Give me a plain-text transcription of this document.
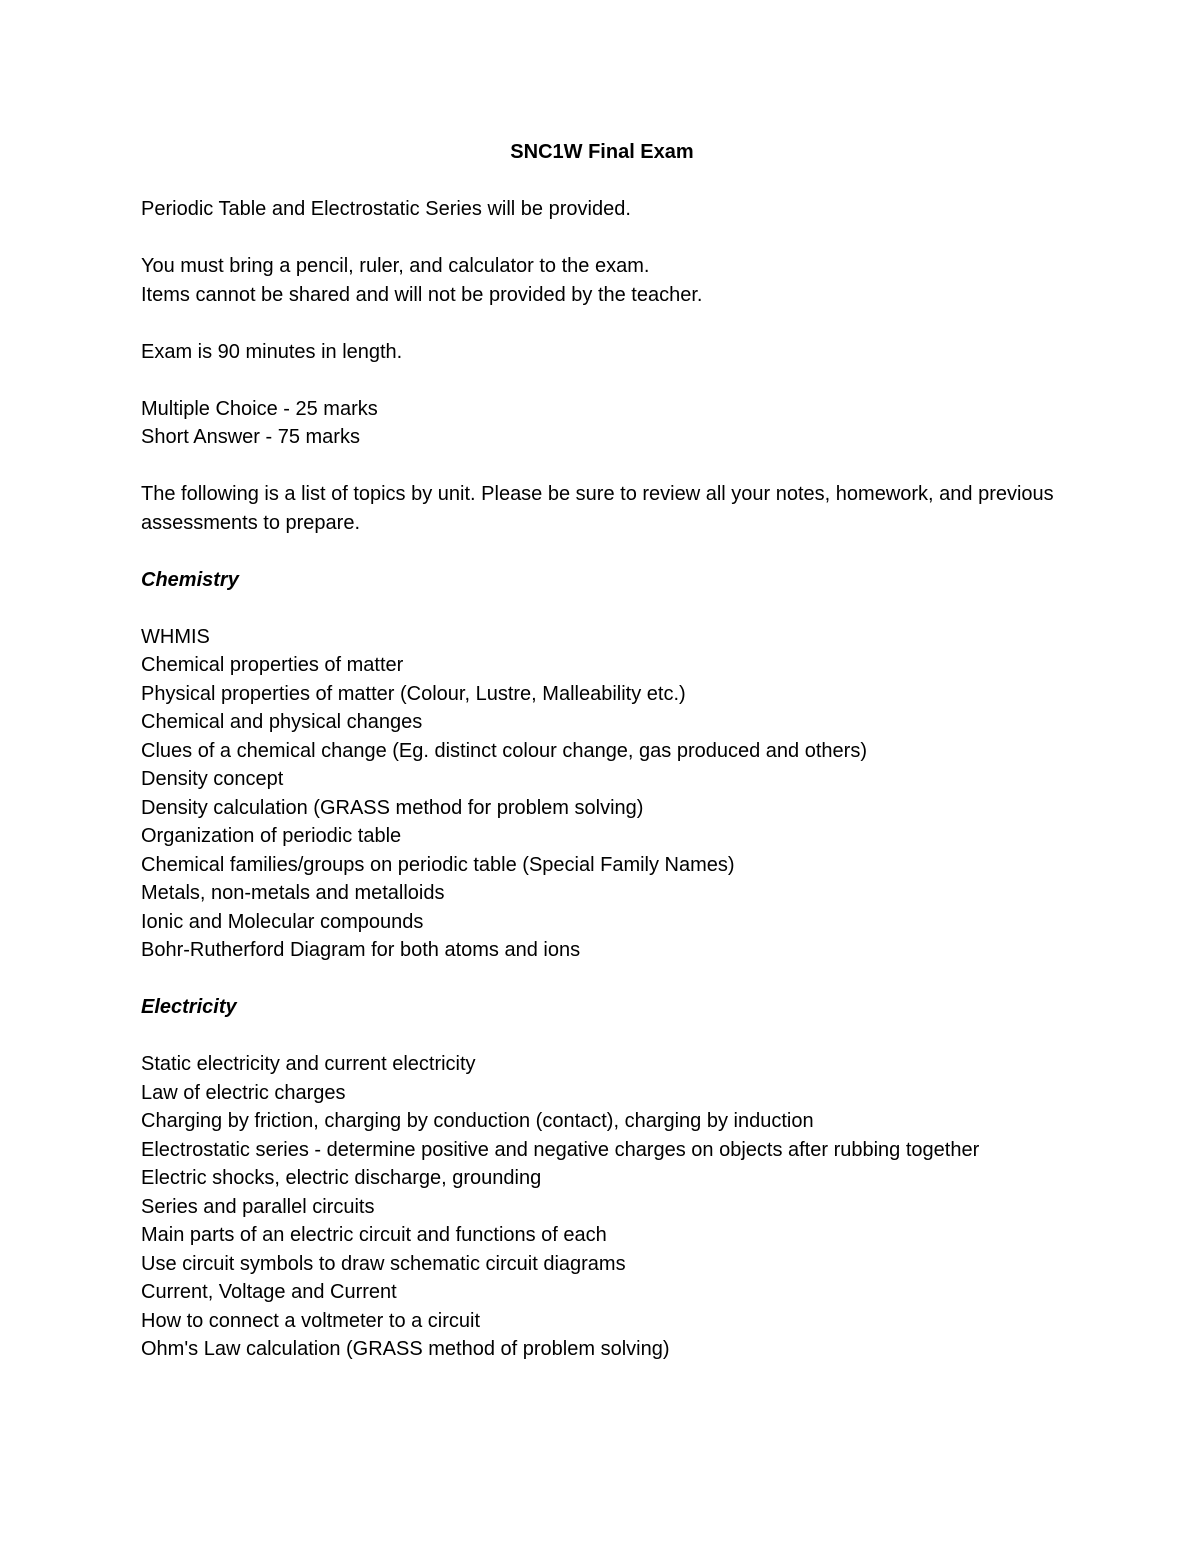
SNC1W Final Exam
Periodic Table and Electrostatic Series will be provided.
You must bring a pencil, ruler, and calculator to the exam.
Items cannot be shared and will not be provided by the teacher.
Exam is 90 minutes in length.
Multiple Choice - 25 marks
Short Answer - 75 marks
The following is a list of topics by unit. Please be sure to review all your notes, homework, and previous assessments to prepare.
Chemistry
WHMIS
Chemical properties of matter
Physical properties of matter (Colour, Lustre, Malleability etc.)
Chemical and physical changes
Clues of a chemical change (Eg. distinct colour change, gas produced and others)
Density concept
Density calculation (GRASS method for problem solving)
Organization of periodic table
Chemical families/groups on periodic table (Special Family Names)
Metals, non-metals and metalloids
Ionic and Molecular compounds
Bohr-Rutherford Diagram for both atoms and ions
Electricity
Static electricity and current electricity
Law of electric charges
Charging by friction, charging by conduction (contact), charging by induction
Electrostatic series - determine positive and negative charges on objects after rubbing together
Electric shocks, electric discharge, grounding
Series and parallel circuits
Main parts of an electric circuit and functions of each
Use circuit symbols to draw schematic circuit diagrams
Current, Voltage and Current
How to connect a voltmeter to a circuit
Ohm's Law calculation (GRASS method of problem solving)
